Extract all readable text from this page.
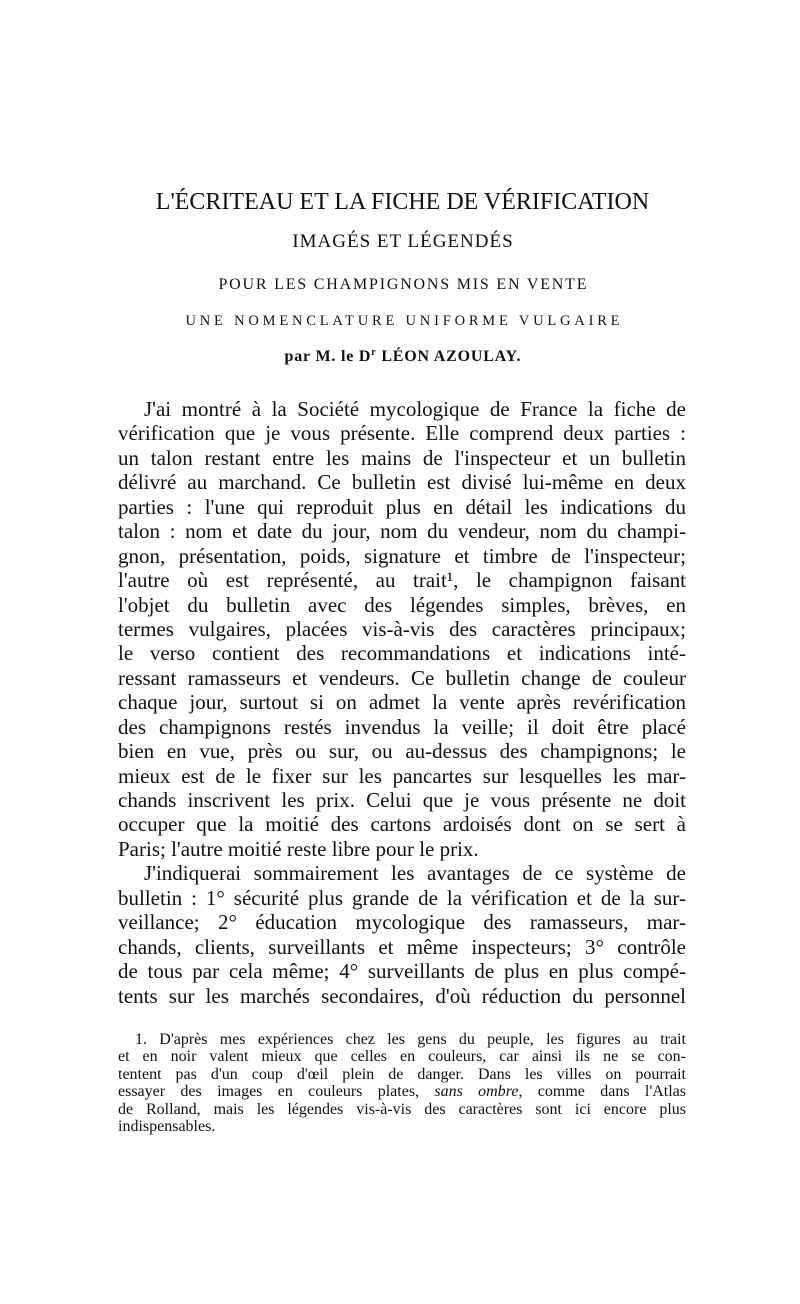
L'ÉCRITEAU ET LA FICHE DE VÉRIFICATION
IMAGÉS ET LÉGENDÉS
POUR LES CHAMPIGNONS MIS EN VENTE
UNE NOMENCLATURE UNIFORME VULGAIRE
par M. le $D^r$ LÉON AZOULAY.
J'ai montré à la Société mycologique de France la fiche de
vérification que je vous présente. Elle comprend deux parties :
un talon restant entre les mains de l'inspecteur et un bulletin
délivré au marchand. Ce bulletin est divisé lui-même en deux
parties : l'une qui reproduit plus en détail les indications du
talon : nom et date du jour, nom du vendeur, nom du champi-
gnon, présentation, poids, signature et timbre de l'inspecteur;
l'autre où est représenté, au trait¹, le champignon faisant
l'objet du bulletin avec des légendes simples, brèves, en
termes vulgaires, placées vis-à-vis des caractères principaux;
le verso contient des recommandations et indications inté-
ressant ramasseurs et vendeurs. Ce bulletin change de couleur
chaque jour, surtout si on admet la vente après revérification
des champignons restés invendus la veille; il doit être placé
bien en vue, près ou sur, ou au-dessus des champignons; le
mieux est de le fixer sur les pancartes sur lesquelles les mar-
chands inscrivent les prix. Celui que je vous présente ne doit
occuper que la moitié des cartons ardoisés dont on se sert à
Paris; l'autre moitié reste libre pour le prix.
J'indiquerai sommairement les avantages de ce système de
bulletin : 1° sécurité plus grande de la vérification et de la sur-
veillance; 2° éducation mycologique des ramasseurs, mar-
chands, clients, surveillants et même inspecteurs; 3° contrôle
de tous par cela même; 4° surveillants de plus en plus compé-
tents sur les marchés secondaires, d'où réduction du personnel
1. D'après mes expériences chez les gens du peuple, les figures au trait
et en noir valent mieux que celles en couleurs, car ainsi ils ne se con-
tentent pas d'un coup d'œil plein de danger. Dans les villes on pourrait
essayer des images en couleurs plates, sans ombre, comme dans l'Atlas
de Rolland, mais les légendes vis-à-vis des caractères sont ici encore plus
indispensables.
